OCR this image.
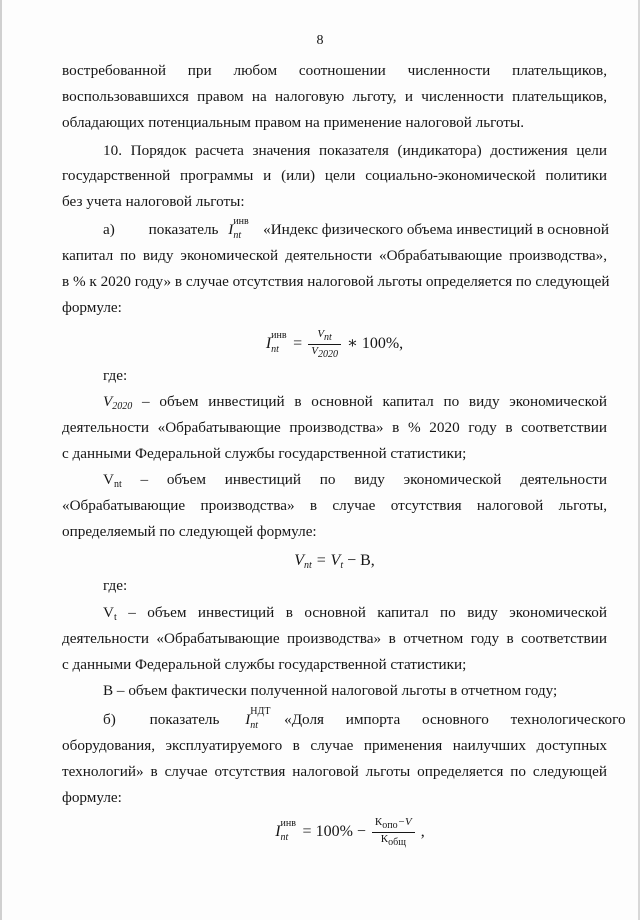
8
востребованной при любом соотношении численности плательщиков,
воспользовавшихся правом на налоговую льготу, и численности плательщиков,
обладающих потенциальным правом на применение налоговой льготы.
10. Порядок расчета значения показателя (индикатора) достижения цели
государственной программы и (или) цели социально-экономической политики
без учета налоговой льготы:
а) показатель I инв
nt «Индекс физического объема инвестиций в основной
капитал по виду экономической деятельности «Обрабатывающие производства»,
в % к 2020 году» в случае отсутствия налоговой льготы определяется по следующей
формуле:
I инв
nt = $\frac{\text{Vnt}}{V2020}$ ∗ 100%,
где:
V2020 – объем инвестиций в основной капитал по виду экономической
деятельности «Обрабатывающие производства» в % 2020 году в соответствии
с данными Федеральной службы государственной статистики;
Vnt – объем инвестиций по виду экономической деятельности
«Обрабатывающие производства» в случае отсутствия налоговой льготы,
определяемый по следующей формуле:
Vnt = Vt − В,
где:
Vt – объем инвестиций в основной капитал по виду экономической
деятельности «Обрабатывающие производства» в отчетном году в соответствии
с данными Федеральной службы государственной статистики;
В – объем фактически полученной налоговой льготы в отчетном году;
б) показатель I НДТ
nt «Доля импорта основного технологического
оборудования, эксплуатируемого в случае применения наилучших доступных
технологий» в случае отсутствия налоговой льготы определяется по следующей
формуле:
I инв
nt = $100\% - \frac{\text{Копо−V}}{\text{Кобщ}}$ ,
